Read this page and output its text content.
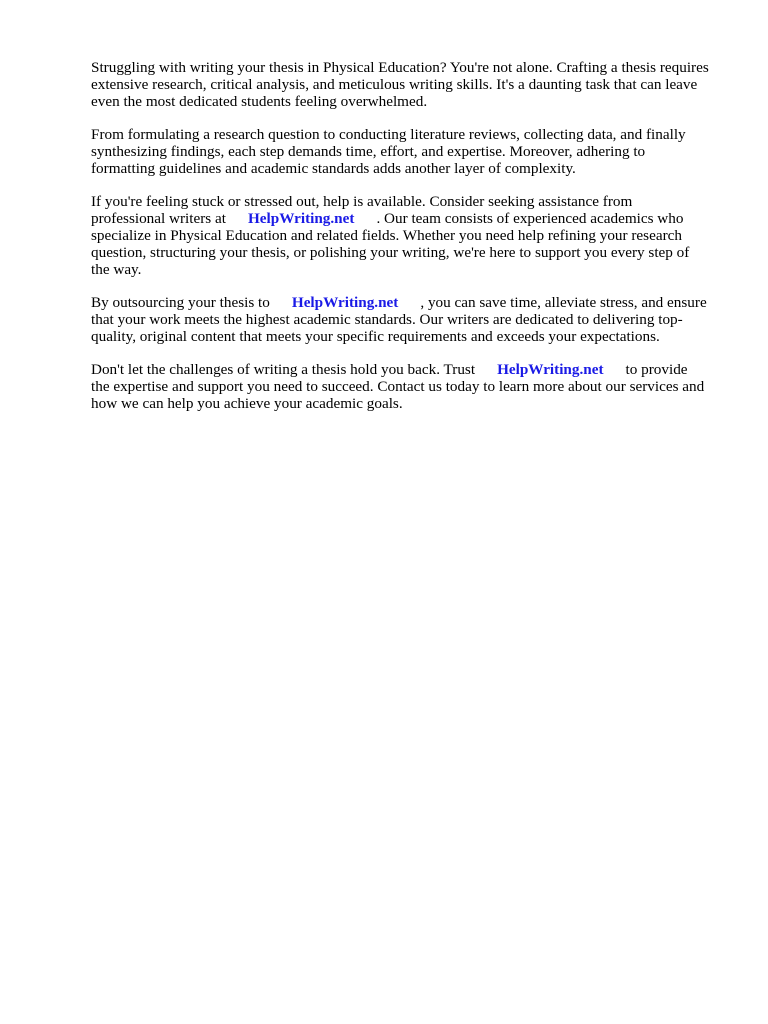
Struggling with writing your thesis in Physical Education? You're not alone. Crafting a thesis requires
extensive research, critical analysis, and meticulous writing skills. It's a daunting task that can leave
even the most dedicated students feeling overwhelmed.

From formulating a research question to conducting literature reviews, collecting data, and finally
synthesizing findings, each step demands time, effort, and expertise. Moreover, adhering to
formatting guidelines and academic standards adds another layer of complexity.

If you're feeling stuck or stressed out, help is available. Consider seeking assistance from
professional writers at HelpWriting.net . Our team consists of experienced academics who
specialize in Physical Education and related fields. Whether you need help refining your research
question, structuring your thesis, or polishing your writing, we're here to support you every step of
the way.

By outsourcing your thesis to HelpWriting.net , you can save time, alleviate stress, and ensure
that your work meets the highest academic standards. Our writers are dedicated to delivering top-
quality, original content that meets your specific requirements and exceeds your expectations.

Don't let the challenges of writing a thesis hold you back. Trust HelpWriting.net to provide
the expertise and support you need to succeed. Contact us today to learn more about our services and
how we can help you achieve your academic goals.
